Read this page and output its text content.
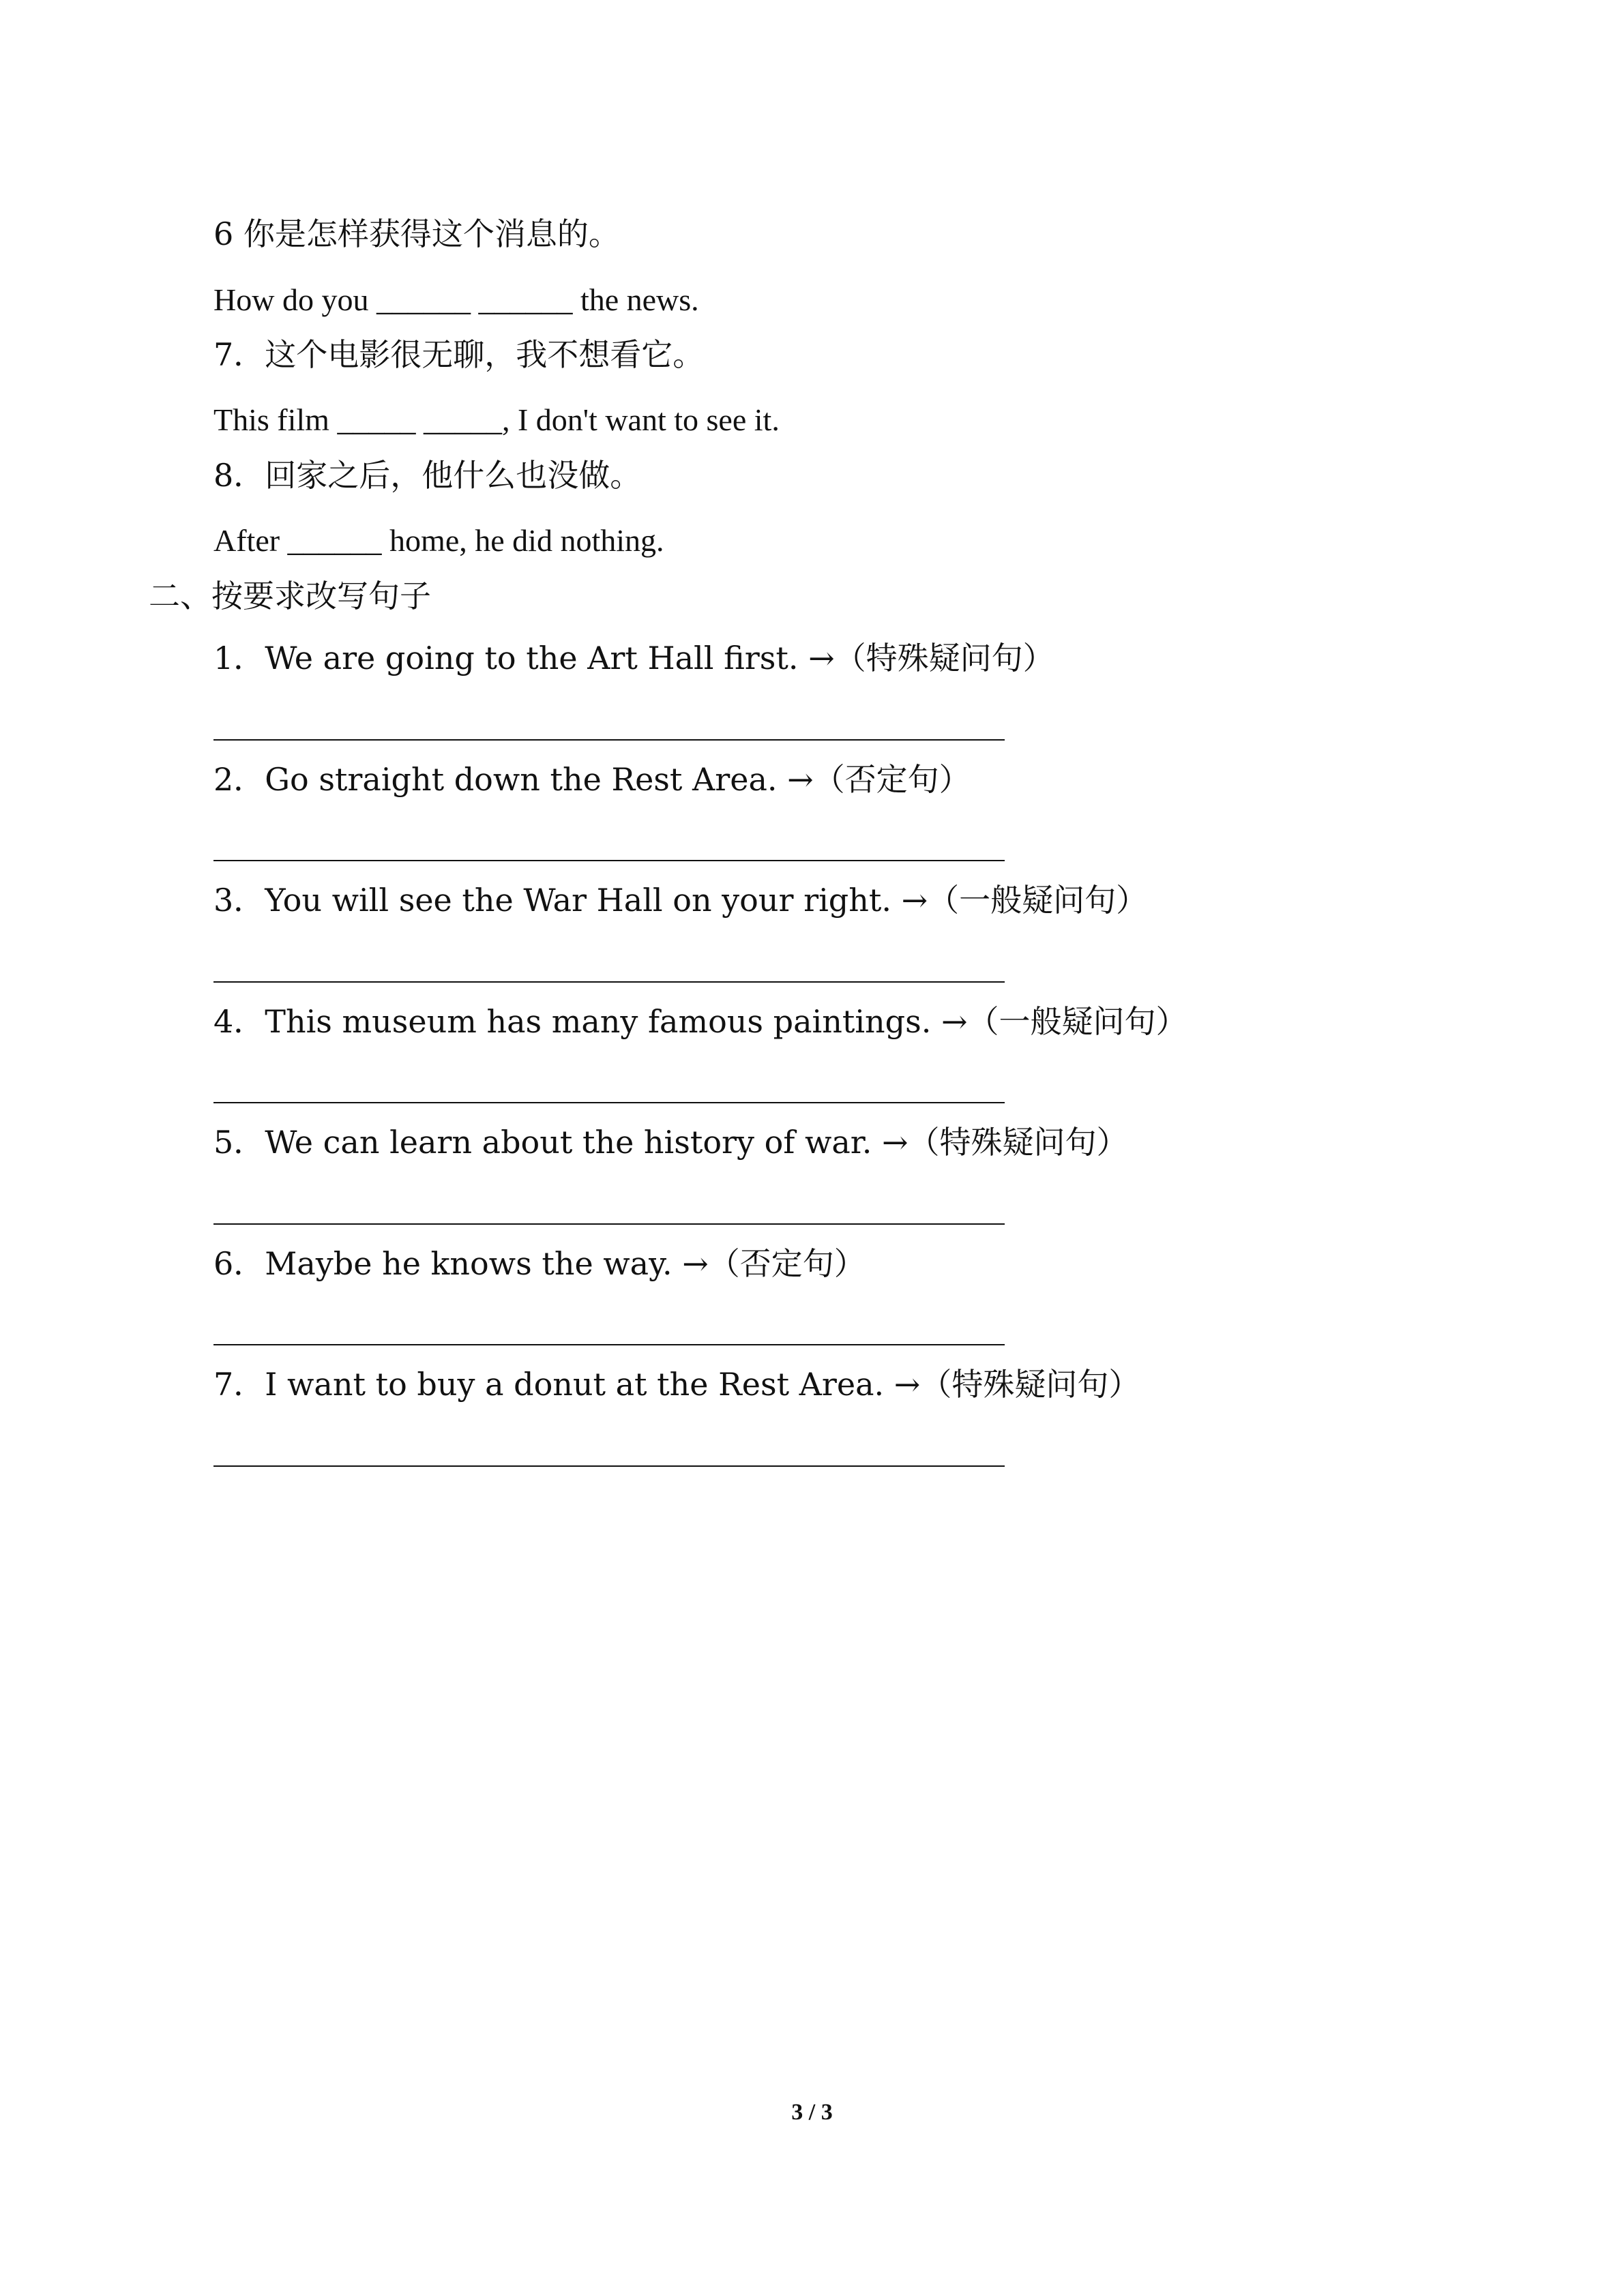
6 你是怎样获得这个消息的。
How do you ______ ______ the news.
7．这个电影很无聊，我不想看它。
This film _____ _____, I don't want to see it.
8．回家之后，他什么也没做。
After ______ home, he did nothing.
二、按要求改写句子
1．We are going to the Art Hall first. →（特殊疑问句）
2．Go straight down the Rest Area. →（否定句）
3．You will see the War Hall on your right. →（一般疑问句）
4．This museum has many famous paintings. →（一般疑问句）
5．We can learn about the history of war. →（特殊疑问句）
6．Maybe he knows the way. →（否定句）
7．I want to buy a donut at the Rest Area. →（特殊疑问句）
3 / 3
